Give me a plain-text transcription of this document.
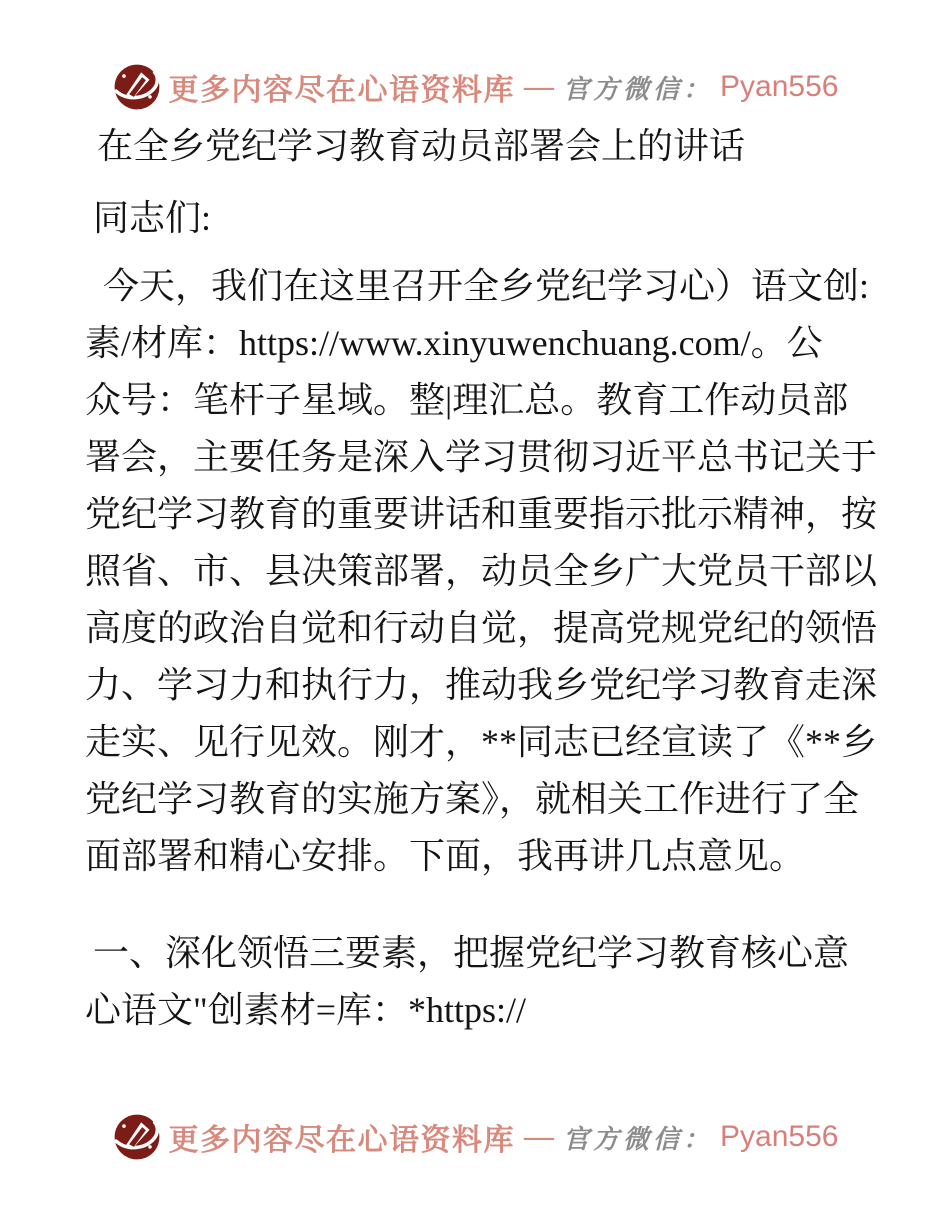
更多内容尽在心语资料库 — 官方微信： Pyan556
在全乡党纪学习教育动员部署会上的讲话
同志们:
今天，我们在这里召开全乡党纪学习心）语文创:
素/材库：https://www.xinyuwenchuang.com/。公
众号：笔杆子星域。整|理汇总。教育工作动员部
署会，主要任务是深入学习贯彻习近平总书记关于
党纪学习教育的重要讲话和重要指示批示精神，按
照省、市、县决策部署，动员全乡广大党员干部以
高度的政治自觉和行动自觉，提高党规党纪的领悟
力、学习力和执行力，推动我乡党纪学习教育走深
走实、见行见效。刚才，**同志已经宣读了《**乡
党纪学习教育的实施方案》，就相关工作进行了全
面部署和精心安排。下面，我再讲几点意见。
一、深化领悟三要素，把握党纪学习教育核心意
心语文"创素材=库：*https://
更多内容尽在心语资料库 — 官方微信： Pyan556
